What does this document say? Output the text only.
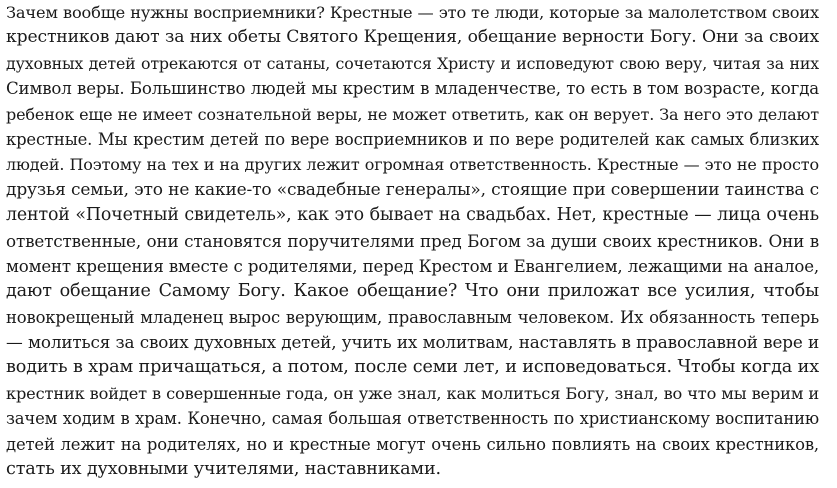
Зачем вообще нужны восприемники? Крестные — это те люди, которые за малолетством своих
крестников дают за них обеты Святого Крещения, обещание верности Богу. Они за своих
духовных детей отрекаются от сатаны, сочетаются Христу и исповедуют свою веру, читая за них
Символ веры. Большинство людей мы крестим в младенчестве, то есть в том возрасте, когда
ребенок еще не имеет сознательной веры, не может ответить, как он верует. За него это делают
крестные. Мы крестим детей по вере восприемников и по вере родителей как самых близких
людей. Поэтому на тех и на других лежит огромная ответственность. Крестные — это не просто
друзья семьи, это не какие-то «свадебные генералы», стоящие при совершении таинства с
лентой «Почетный свидетель», как это бывает на свадьбах. Нет, крестные — лица очень
ответственные, они становятся поручителями пред Богом за души своих крестников. Они в
момент крещения вместе с родителями, перед Крестом и Евангелием, лежащими на аналое,
дают обещание Самому Богу. Какое обещание? Что они приложат все усилия, чтобы
новокрещеный младенец вырос верующим, православным человеком. Их обязанность теперь
— молиться за своих духовных детей, учить их молитвам, наставлять в православной вере и
водить в храм причащаться, а потом, после семи лет, и исповедоваться. Чтобы когда их
крестник войдет в совершенные года, он уже знал, как молиться Богу, знал, во что мы верим и
зачем ходим в храм. Конечно, самая большая ответственность по христианскому воспитанию
детей лежит на родителях, но и крестные могут очень сильно повлиять на своих крестников,
стать их духовными учителями, наставниками.
